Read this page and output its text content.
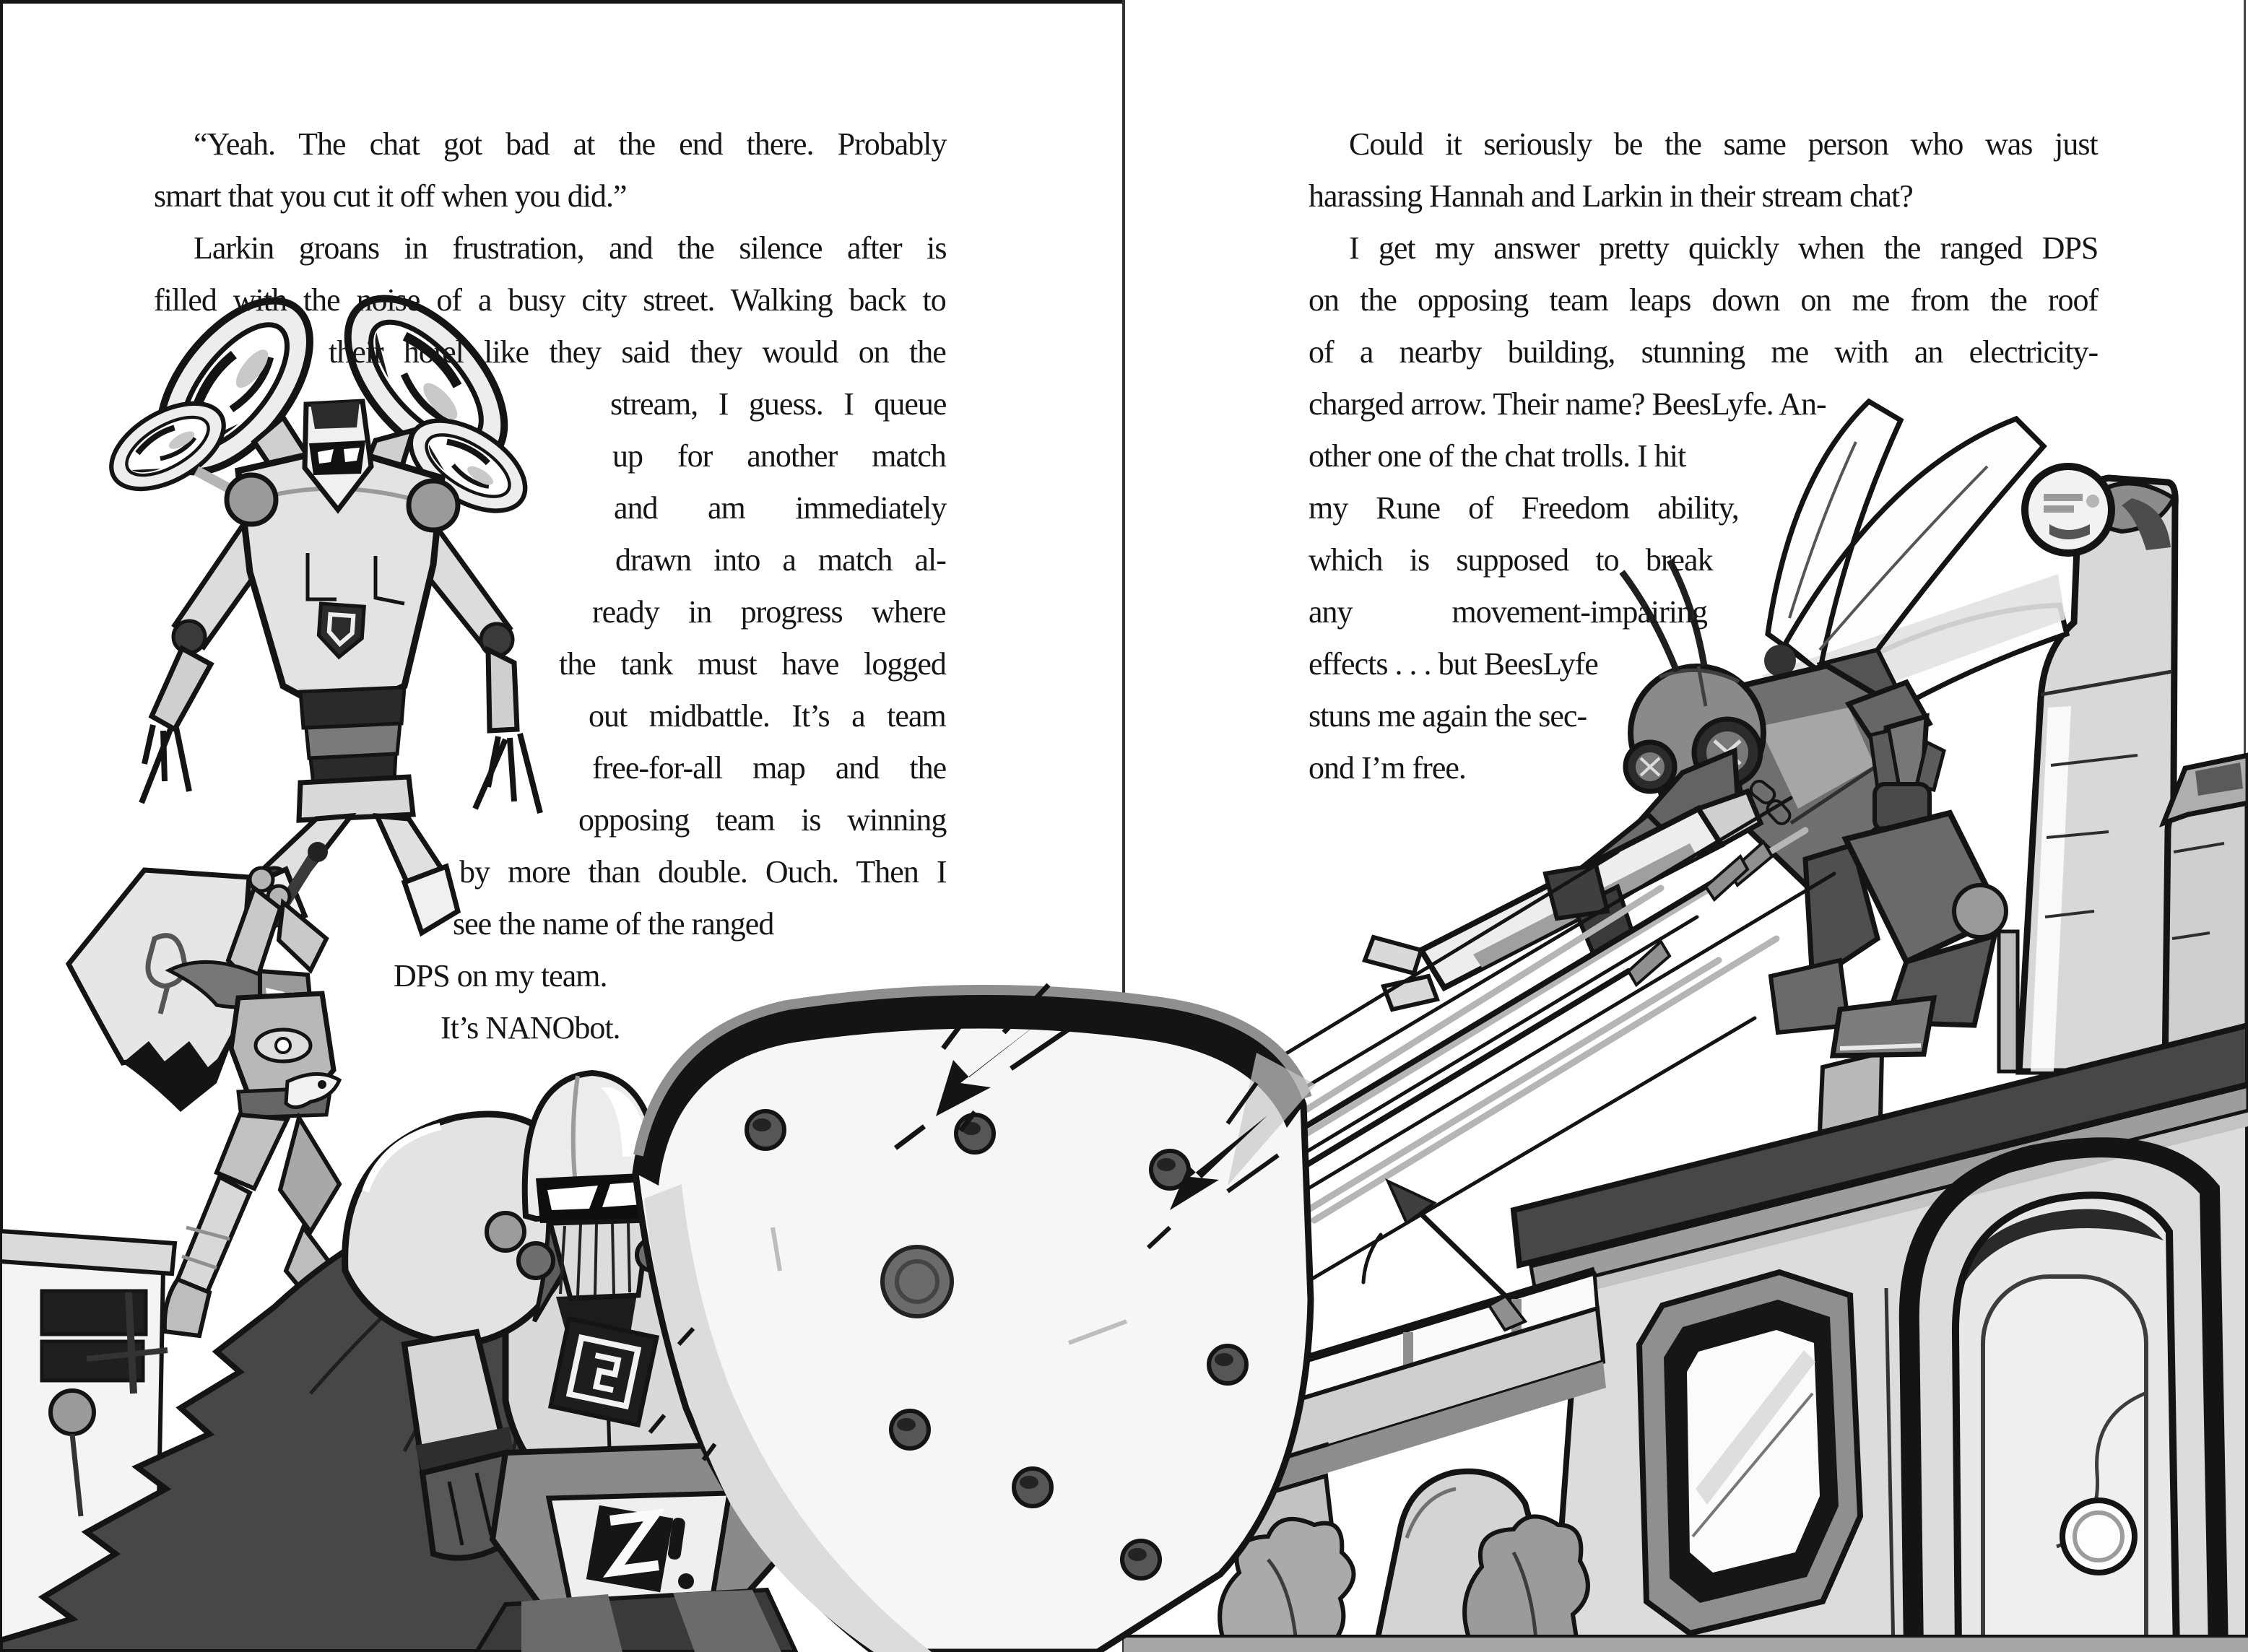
“Yeah. The chat got bad at the end there. Probably
smart that you cut it off when you did.”
Larkin groans in frustration, and the silence after is
filled with the noise of a busy city street. Walking back to
their hotel like they said they would on the
stream, I guess. I queue
up for another match
and am immediately
drawn into a match al-
ready in progress where
the tank must have logged
out midbattle. It’s a team
free-for-all map and the
opposing team is winning
by more than double. Ouch. Then I
see the name of the ranged
DPS on my team.
It’s NANObot.
Could it seriously be the same person who was just
harassing Hannah and Larkin in their stream chat?
I get my answer pretty quickly when the ranged DPS
on the opposing team leaps down on me from the roof
of a nearby building, stunning me with an electricity-
charged arrow. Their name? BeesLyfe. An-
other one of the chat trolls. I hit
my Rune of Freedom ability,
which is supposed to break
any movement-impairing
effects . . . but BeesLyfe
stuns me again the sec-
ond I’m free.
